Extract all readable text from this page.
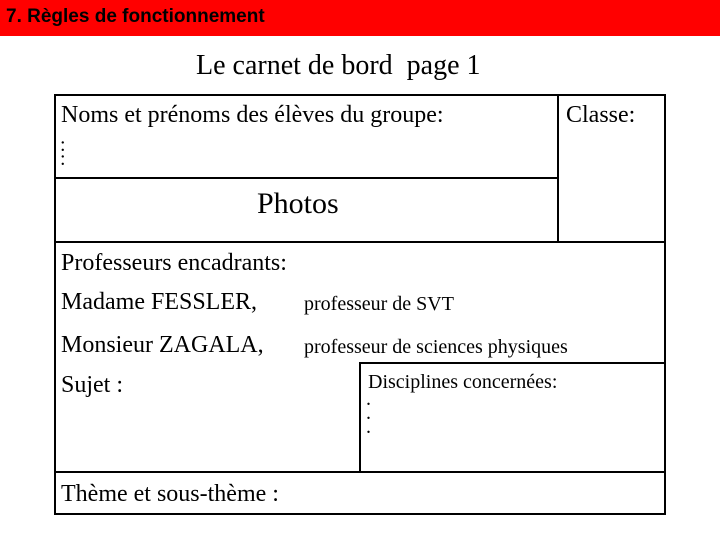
7. Règles de fonctionnement
Le carnet de bord  page 1
Noms et prénoms des élèves du groupe:
:
:
Classe:
Photos
Professeurs encadrants:
Madame FESSLER, professeur de SVT
Monsieur ZAGALA, professeur de sciences physiques
Sujet :	Disciplines concernées:
.
.
.
Thème et sous-thème :
